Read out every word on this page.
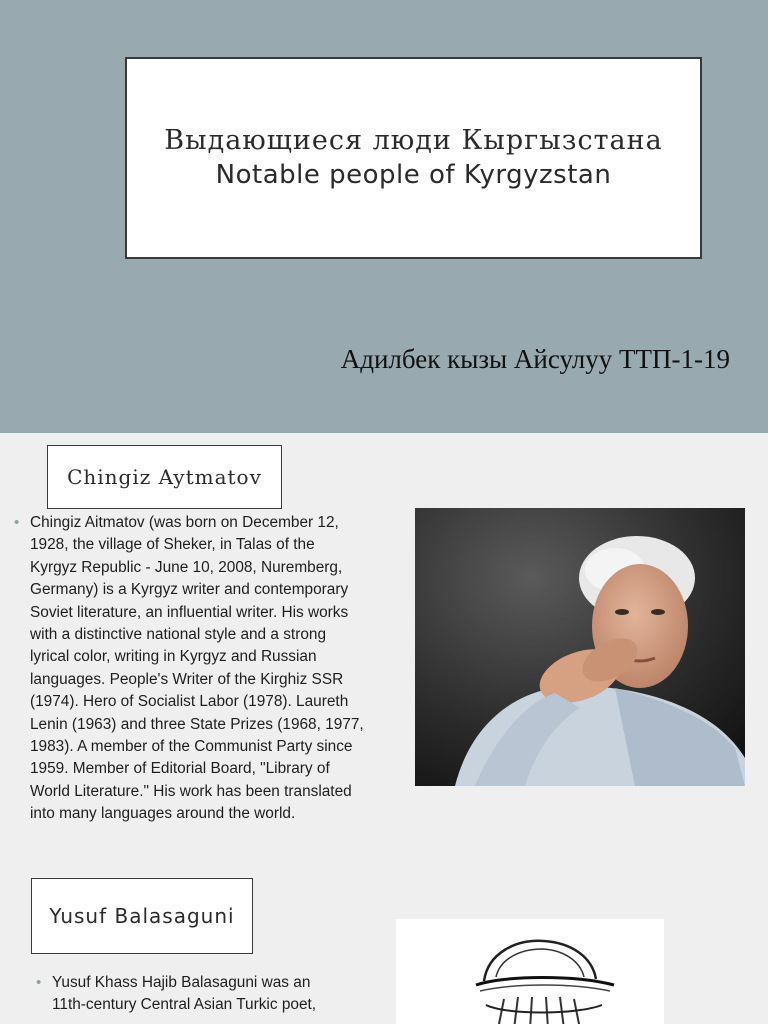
Выдающиеся люди Кыргызстана
Notable people of Kyrgyzstan
Адилбек кызы Айсулуу ТТП-1-19
Chingiz Aytmatov
• Chingiz Aitmatov (was born on December 12,
1928, the village of Sheker, in Talas of the
Kyrgyz Republic - June 10, 2008, Nuremberg,
Germany) is a Kyrgyz writer and contemporary
Soviet literature, an influential writer. His works
with a distinctive national style and a strong
lyrical color, writing in Kyrgyz and Russian
languages. People's Writer of the Kirghiz SSR
(1974). Hero of Socialist Labor (1978). Laureth
Lenin (1963) and three State Prizes (1968, 1977,
1983). A member of the Communist Party since
1959. Member of Editorial Board, "Library of
World Literature." His work has been translated
into many languages around the world.
Yusuf Balasaguni
• Yusuf Khass Hajib Balasaguni was an
11th-century Central Asian Turkic poet,
